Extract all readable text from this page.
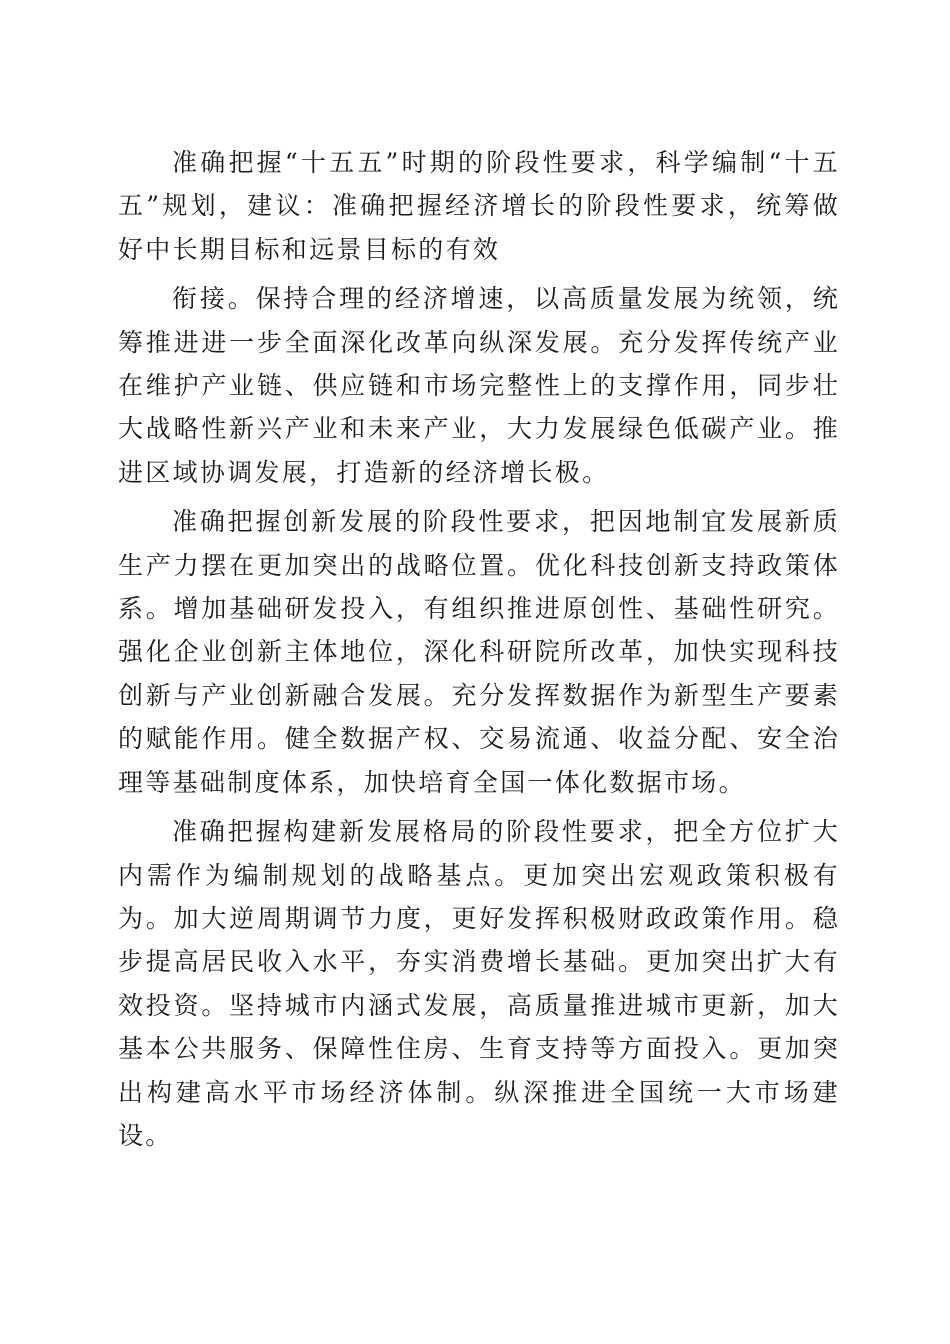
准确把握“十五五”时期的阶段性要求，科学编制“十五五”规划，建议：准确把握经济增长的阶段性要求，统筹做好中长期目标和远景目标的有效

衔接。保持合理的经济增速，以高质量发展为统领，统筹推进进一步全面深化改革向纵深发展。充分发挥传统产业在维护产业链、供应链和市场完整性上的支撑作用，同步壮大战略性新兴产业和未来产业，大力发展绿色低碳产业。推进区域协调发展，打造新的经济增长极。

准确把握创新发展的阶段性要求，把因地制宜发展新质生产力摆在更加突出的战略位置。优化科技创新支持政策体系。增加基础研发投入，有组织推进原创性、基础性研究。强化企业创新主体地位，深化科研院所改革，加快实现科技创新与产业创新融合发展。充分发挥数据作为新型生产要素的赋能作用。健全数据产权、交易流通、收益分配、安全治理等基础制度体系，加快培育全国一体化数据市场。

准确把握构建新发展格局的阶段性要求，把全方位扩大内需作为编制规划的战略基点。更加突出宏观政策积极有为。加大逆周期调节力度，更好发挥积极财政政策作用。稳步提高居民收入水平，夯实消费增长基础。更加突出扩大有效投资。坚持城市内涵式发展，高质量推进城市更新，加大基本公共服务、保障性住房、生育支持等方面投入。更加突出构建高水平市场经济体制。纵深推进全国统一大市场建设。
